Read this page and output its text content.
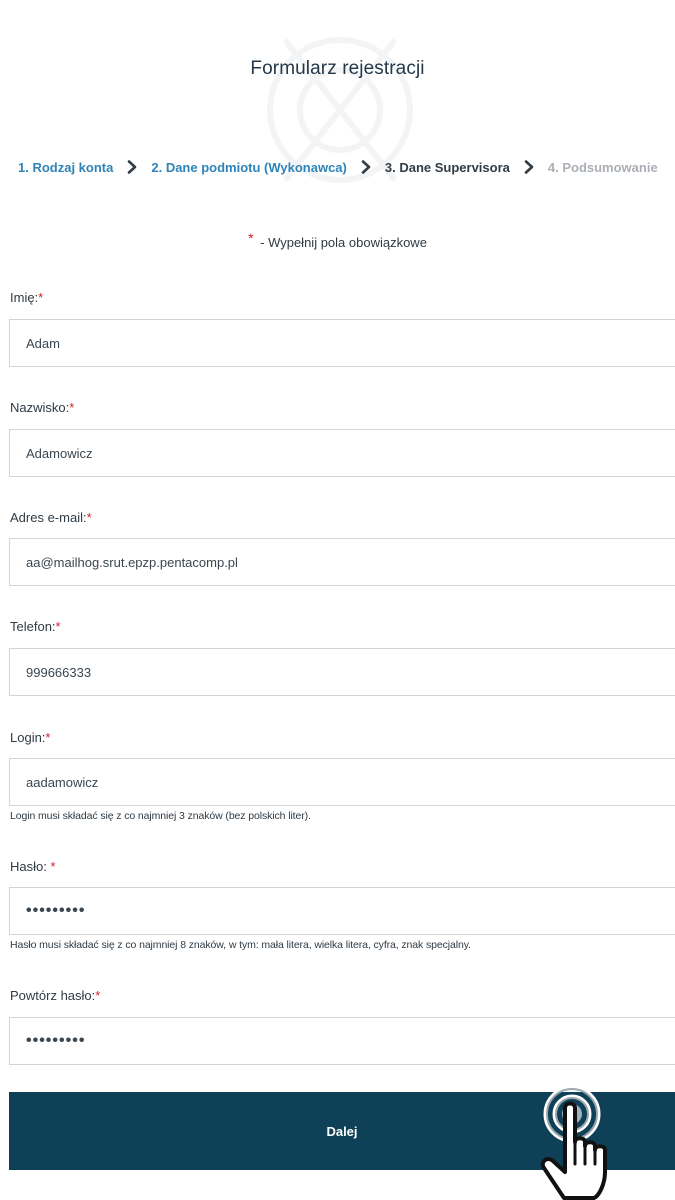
Formularz rejestracji
1. Rodzaj konta	2. Dane podmiotu (Wykonawca)	3. Dane Supervisora	4. Podsumowanie
* - Wypełnij pola obowiązkowe
Imię:*
Adam
Nazwisko:*
Adamowicz
Adres e-mail:*
aa@mailhog.srut.epzp.pentacomp.pl
Telefon:*
999666333
Login:*
aadamowicz
Login musi składać się z co najmniej 3 znaków (bez polskich liter).
Hasło: *
•••••••••
Hasło musi składać się z co najmniej 8 znaków, w tym: mała litera, wielka litera, cyfra, znak specjalny.
Powtórz hasło:*
•••••••••
Dalej
